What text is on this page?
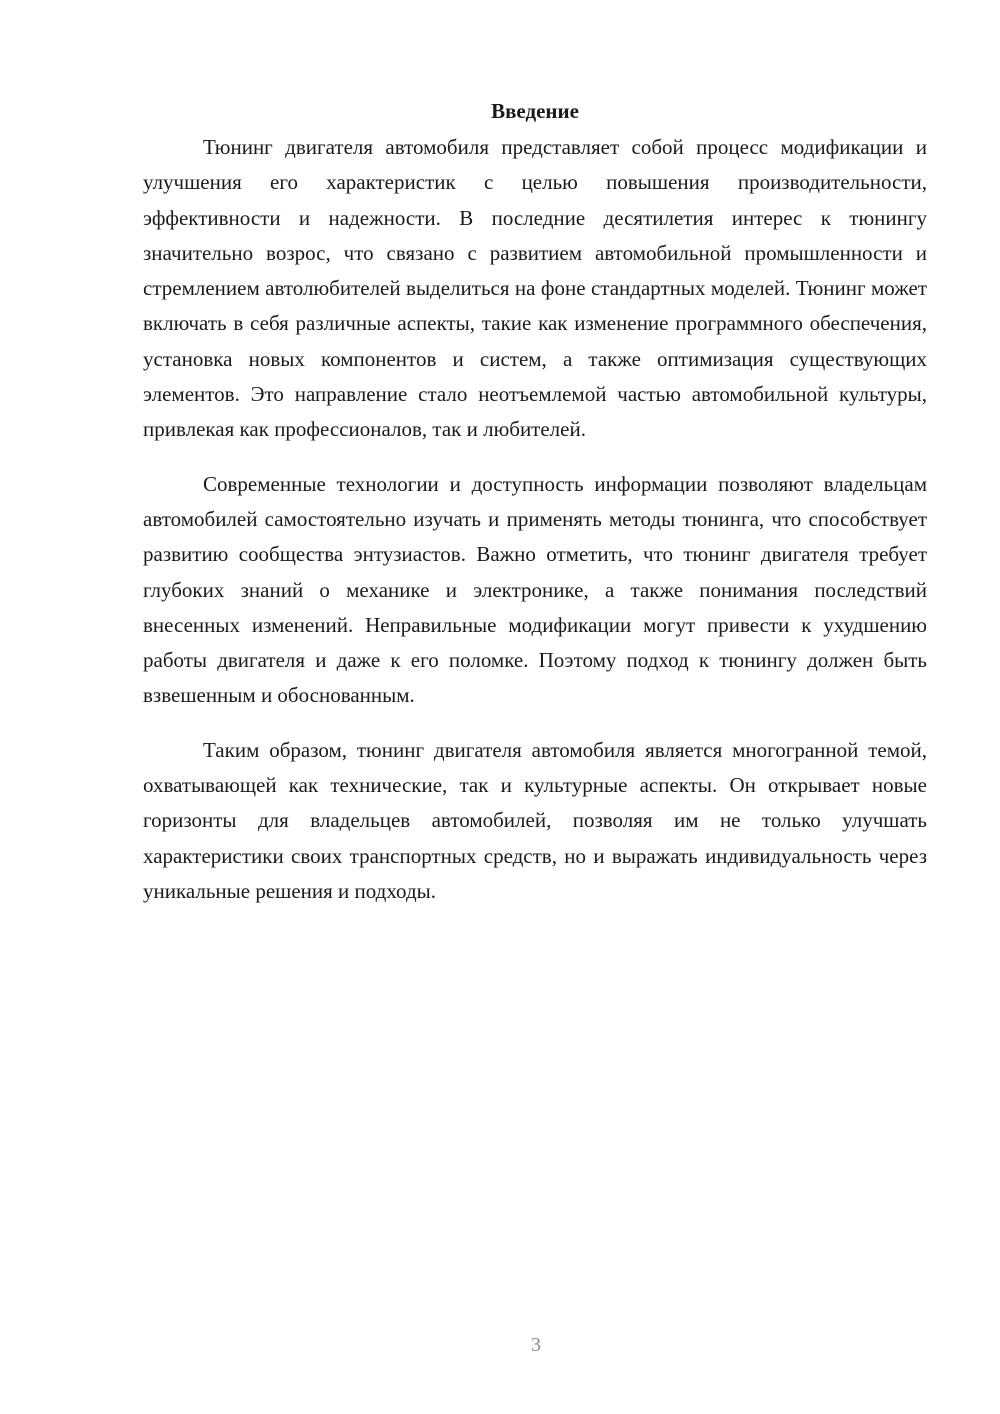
Введение

Тюнинг двигателя автомобиля представляет собой процесс модификации и улучшения его характеристик с целью повышения производительности, эффективности и надежности. В последние десятилетия интерес к тюнингу значительно возрос, что связано с развитием автомобильной промышленности и стремлением автолюбителей выделиться на фоне стандартных моделей. Тюнинг может включать в себя различные аспекты, такие как изменение программного обеспечения, установка новых компонентов и систем, а также оптимизация существующих элементов. Это направление стало неотъемлемой частью автомобильной культуры, привлекая как профессионалов, так и любителей.

Современные технологии и доступность информации позволяют владельцам автомобилей самостоятельно изучать и применять методы тюнинга, что способствует развитию сообщества энтузиастов. Важно отметить, что тюнинг двигателя требует глубоких знаний о механике и электронике, а также понимания последствий внесенных изменений. Неправильные модификации могут привести к ухудшению работы двигателя и даже к его поломке. Поэтому подход к тюнингу должен быть взвешенным и обоснованным.

Таким образом, тюнинг двигателя автомобиля является многогранной темой, охватывающей как технические, так и культурные аспекты. Он открывает новые горизонты для владельцев автомобилей, позволяя им не только улучшать характеристики своих транспортных средств, но и выражать индивидуальность через уникальные решения и подходы.

3
